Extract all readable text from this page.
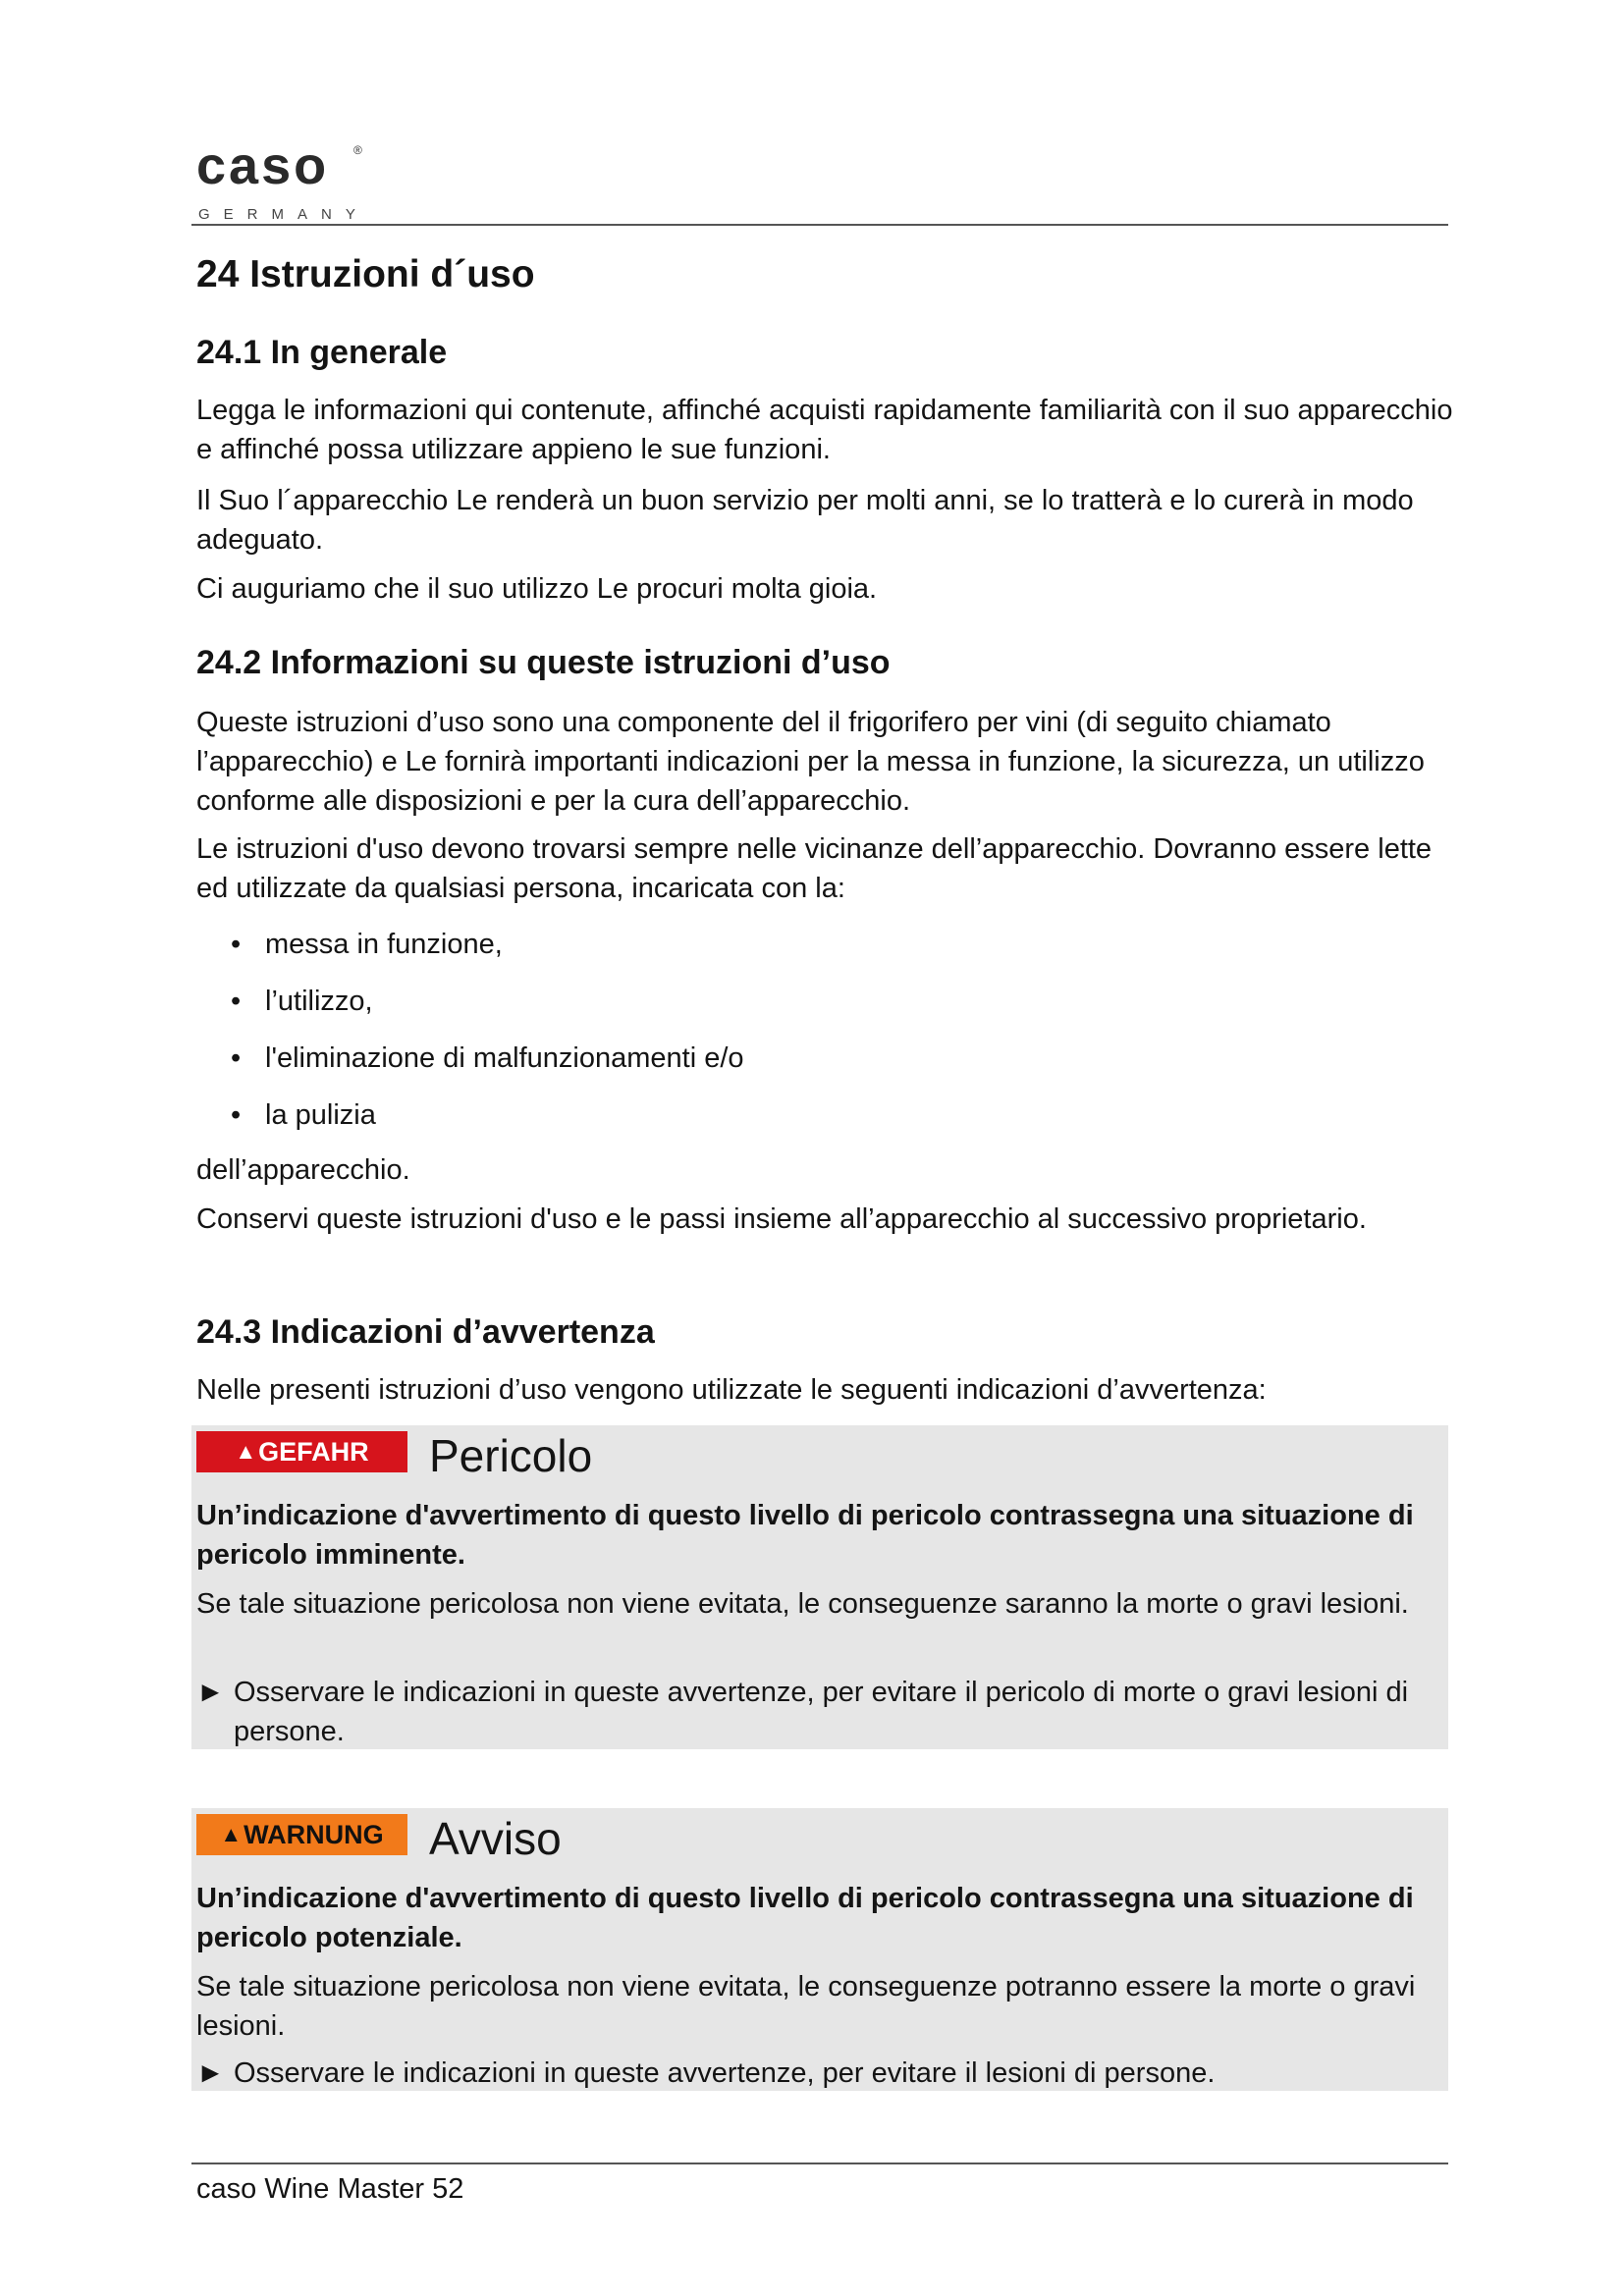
caso ®
GERMANY
24 Istruzioni d´uso
24.1 In generale

Legga le informazioni qui contenute, affinché acquisti rapidamente familiarità con il suo apparecchio e affinché possa utilizzare appieno le sue funzioni.

Il Suo l´apparecchio Le renderà un buon servizio per molti anni, se lo tratterà e lo curerà in modo adeguato.

Ci auguriamo che il suo utilizzo Le procuri molta gioia.

24.2 Informazioni su queste istruzioni d’uso

Queste istruzioni d’uso sono una componente del il frigorifero per vini (di seguito chiamato l’apparecchio) e Le fornirà importanti indicazioni per la messa in funzione, la sicurezza, un utilizzo conforme alle disposizioni e per la cura dell’apparecchio.

Le istruzioni d'uso devono trovarsi sempre nelle vicinanze dell’apparecchio. Dovranno essere lette ed utilizzate da qualsiasi persona, incaricata con la:

• messa in funzione,
• l’utilizzo,
• l'eliminazione di malfunzionamenti e/o
• la pulizia

dell’apparecchio.

Conservi queste istruzioni d'uso e le passi insieme all’apparecchio al successivo proprietario.

24.3 Indicazioni d’avvertenza

Nelle presenti istruzioni d’uso vengono utilizzate le seguenti indicazioni d’avvertenza:

▲ GEFAHR Pericolo

Un’indicazione d'avvertimento di questo livello di pericolo contrassegna una situazione di pericolo imminente.

Se tale situazione pericolosa non viene evitata, le conseguenze saranno la morte o gravi lesioni.

► Osservare le indicazioni in queste avvertenze, per evitare il pericolo di morte o gravi lesioni di persone.
▲ WARNUNG Avviso

Un’indicazione d'avvertimento di questo livello di pericolo contrassegna una situazione di pericolo potenziale.

Se tale situazione pericolosa non viene evitata, le conseguenze potranno essere la morte o gravi lesioni.

► Osservare le indicazioni in queste avvertenze, per evitare il lesioni di persone.
caso Wine Master 52
